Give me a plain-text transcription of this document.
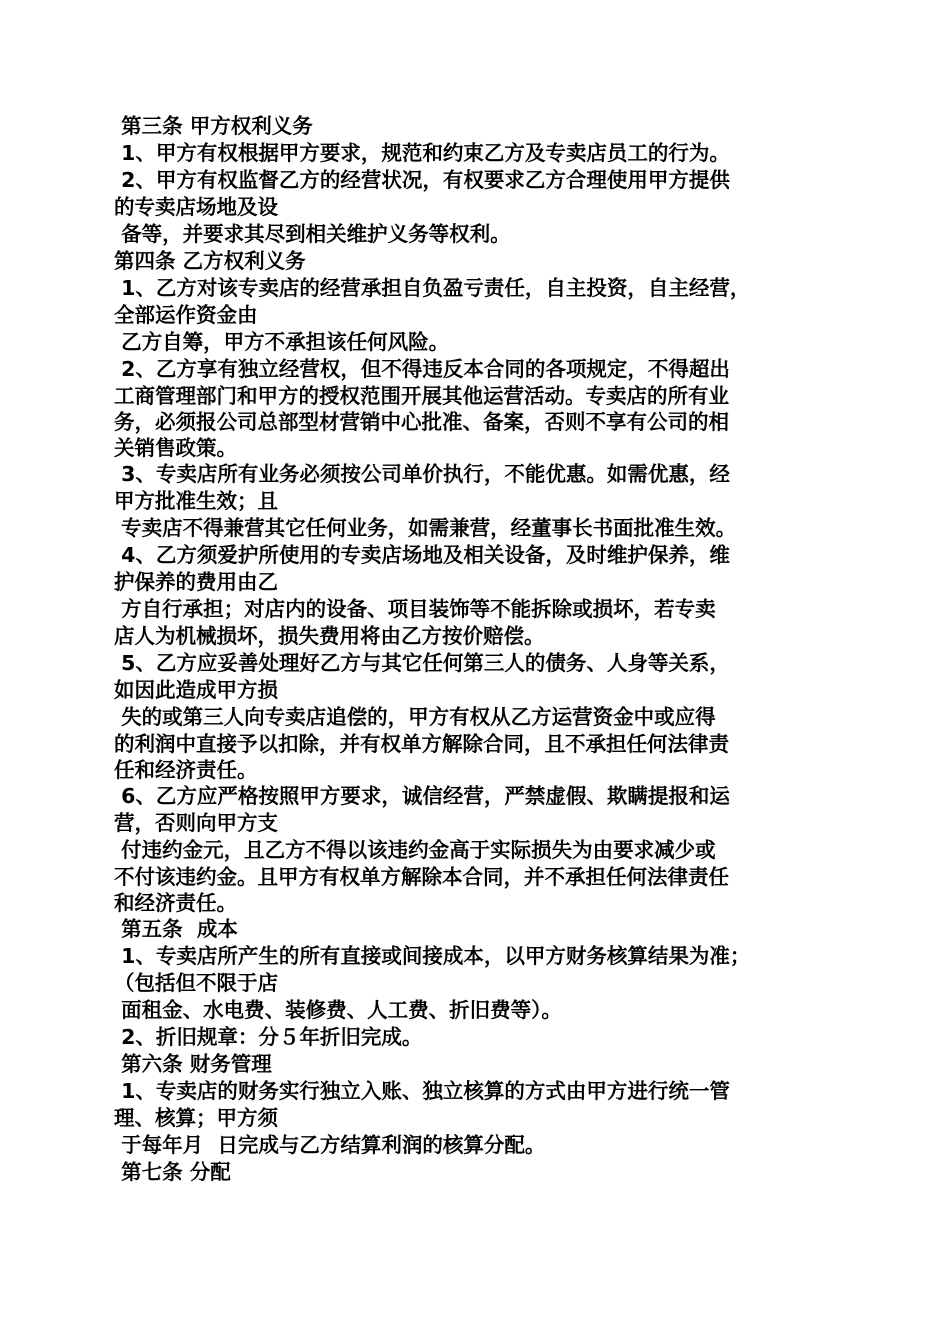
第三条 甲方权利义务
1、甲方有权根据甲方要求，规范和约束乙方及专卖店员工的行为。
2、甲方有权监督乙方的经营状况，有权要求乙方合理使用甲方提供
的专卖店场地及设
备等，并要求其尽到相关维护义务等权利。
第四条 乙方权利义务
1、乙方对该专卖店的经营承担自负盈亏责任，自主投资，自主经营，
全部运作资金由
乙方自筹，甲方不承担该任何风险。
2、乙方享有独立经营权，但不得违反本合同的各项规定，不得超出
工商管理部门和甲方的授权范围开展其他运营活动。专卖店的所有业
务，必须报公司总部型材营销中心批准、备案，否则不享有公司的相
关销售政策。
3、专卖店所有业务必须按公司单价执行，不能优惠。如需优惠，经
甲方批准生效；且
专卖店不得兼营其它任何业务，如需兼营，经董事长书面批准生效。
4、乙方须爱护所使用的专卖店场地及相关设备，及时维护保养，维
护保养的费用由乙
方自行承担；对店内的设备、项目装饰等不能拆除或损坏，若专卖
店人为机械损坏，损失费用将由乙方按价赔偿。
5、乙方应妥善处理好乙方与其它任何第三人的债务、人身等关系，
如因此造成甲方损
失的或第三人向专卖店追偿的，甲方有权从乙方运营资金中或应得
的利润中直接予以扣除，并有权单方解除合同，且不承担任何法律责
任和经济责任。
6、乙方应严格按照甲方要求，诚信经营，严禁虚假、欺瞒提报和运
营，否则向甲方支
付违约金元，且乙方不得以该违约金高于实际损失为由要求减少或
不付该违约金。且甲方有权单方解除本合同，并不承担任何法律责任
和经济责任。
第五条  成本
1、专卖店所产生的所有直接或间接成本，以甲方财务核算结果为准；
（包括但不限于店
面租金、水电费、装修费、人工费、折旧费等）。
2、折旧规章：分５年折旧完成。
第六条 财务管理
1、专卖店的财务实行独立入账、独立核算的方式由甲方进行统一管
理、核算；甲方须
于每年月  日完成与乙方结算利润的核算分配。
第七条 分配
